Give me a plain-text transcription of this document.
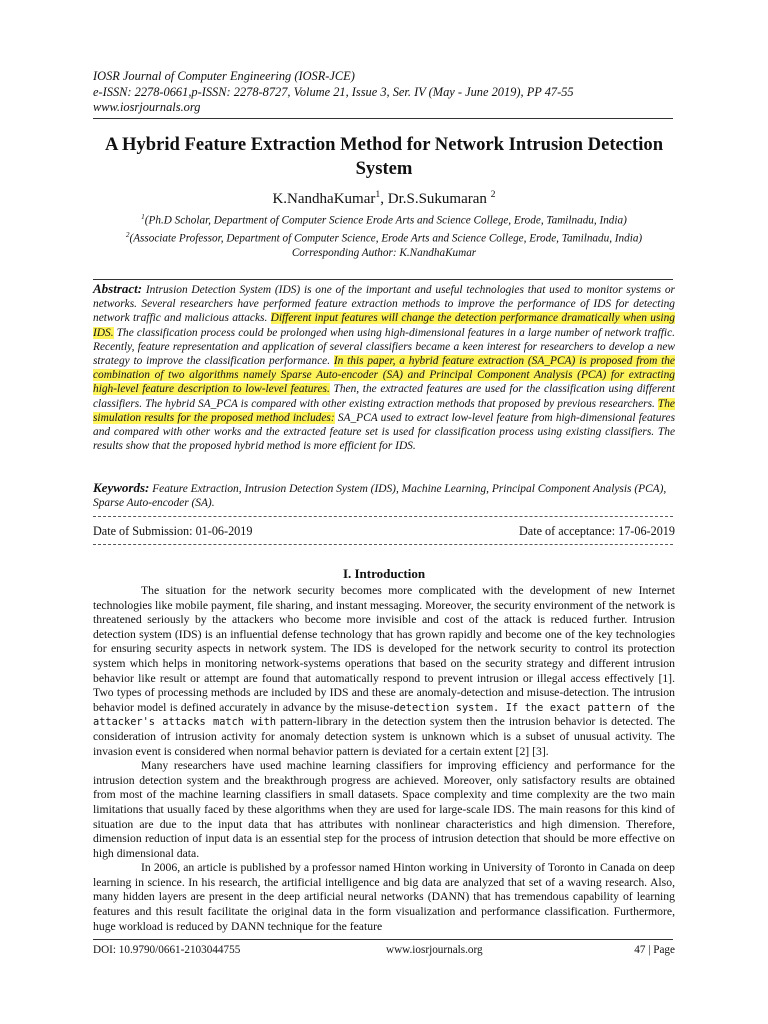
IOSR Journal of Computer Engineering (IOSR-JCE)
e-ISSN: 2278-0661,p-ISSN: 2278-8727, Volume 21, Issue 3, Ser. IV (May - June 2019), PP 47-55
www.iosrjournals.org
A Hybrid Feature Extraction Method for Network Intrusion Detection System
K.NandhaKumar$^1$, Dr.S.Sukumaran $^2$
$^1$(Ph.D Scholar, Department of Computer Science Erode Arts and Science College, Erode, Tamilnadu, India)
$^2$(Associate Professor, Department of Computer Science, Erode Arts and Science College, Erode, Tamilnadu, India)
Corresponding Author: K.NandhaKumar
Abstract: Intrusion Detection System (IDS) is one of the important and useful technologies that used to monitor systems or networks. Several researchers have performed feature extraction methods to improve the performance of IDS for detecting network traffic and malicious attacks. Different input features will change the detection performance dramatically when using IDS. The classification process could be prolonged when using high-dimensional features in a large number of network traffic. Recently, feature representation and application of several classifiers became a keen interest for researchers to develop a new strategy to improve the classification performance. In this paper, a hybrid feature extraction (SA_PCA) is proposed from the combination of two algorithms namely Sparse Auto-encoder (SA) and Principal Component Analysis (PCA) for extracting high-level feature description to low-level features. Then, the extracted features are used for the classification using different classifiers. The hybrid SA_PCA is compared with other existing extraction methods that proposed by previous researchers. The simulation results for the proposed method includes: SA_PCA used to extract low-level feature from high-dimensional features and compared with other works and the extracted feature set is used for classification process using existing classifiers. The results show that the proposed hybrid method is more efficient for IDS.
Keywords: Feature Extraction, Intrusion Detection System (IDS), Machine Learning, Principal Component Analysis (PCA), Sparse Auto-encoder (SA).
Date of Submission: 01-06-2019	Date of acceptance: 17-06-2019
I. Introduction

The situation for the network security becomes more complicated with the development of new Internet technologies like mobile payment, file sharing, and instant messaging. Moreover, the security environment of the network is threatened seriously by the attackers who become more invisible and cost of the attack is reduced further. Intrusion detection system (IDS) is an influential defense technology that has grown rapidly and become one of the key technologies for ensuring security aspects in network system. The IDS is developed for the network security to control its protection system which helps in monitoring network-systems operations that based on the security strategy and different intrusion behavior like result or attempt are found that automatically respond to prevent intrusion or illegal access effectively [1]. Two types of processing methods are included by IDS and these are anomaly-detection and misuse-detection. The intrusion behavior model is defined accurately in advance by the misuse-detection system. If the exact pattern of the attacker's attacks match with pattern-library in the detection system then the intrusion behavior is detected. The consideration of intrusion activity for anomaly detection system is unknown which is a subset of unusual activity. The invasion event is considered when normal behavior pattern is deviated for a certain extent [2] [3].

Many researchers have used machine learning classifiers for improving efficiency and performance for the intrusion detection system and the breakthrough progress are achieved. Moreover, only satisfactory results are obtained from most of the machine learning classifiers in small datasets. Space complexity and time complexity are the two main limitations that usually faced by these algorithms when they are used for large-scale IDS. The main reasons for this kind of situation are due to the input data that has attributes with nonlinear characteristics and high dimension. Therefore, dimension reduction of input data is an essential step for the process of intrusion detection that should be more effective on high dimensional data.

In 2006, an article is published by a professor named Hinton working in University of Toronto in Canada on deep learning in science. In his research, the artificial intelligence and big data are analyzed that set of a waving research. Also, many hidden layers are present in the deep artificial neural networks (DANN) that has tremendous capability of learning features and this result facilitate the original data in the form visualization and performance classification. Furthermore, huge workload is reduced by DANN technique for the feature

DOI: 10.9790/0661-2103044755	www.iosrjournals.org	47 | Page
